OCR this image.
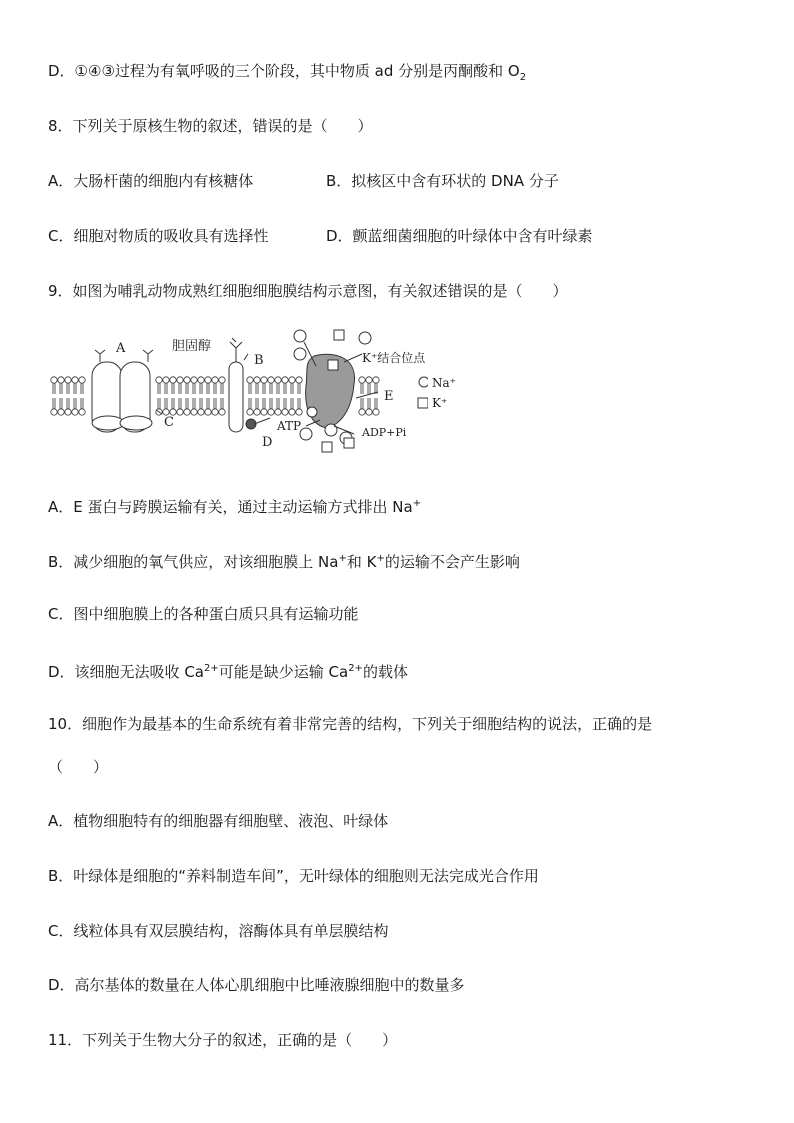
D．①④③过程为有氧呼吸的三个阶段，其中物质 ad 分别是丙酮酸和 $O_2$
8．下列关于原核生物的叙述，错误的是（　　）
A．大肠杆菌的细胞内有核糖体	B．拟核区中含有环状的 DNA 分子
C．细胞对物质的吸收具有选择性	D．颤蓝细菌细胞的叶绿体中含有叶绿素
9．如图为哺乳动物成熟红细胞细胞膜结构示意图，有关叙述错误的是（　　）
A	胆固醇
B
C
D
E
K⁺结合位点
ATP	ADP+Pi
Na⁺
K⁺
A．E 蛋白与跨膜运输有关，通过主动运输方式排出 Na+
B．减少细胞的氧气供应，对该细胞膜上 Na+和 K+的运输不会产生影响
C．图中细胞膜上的各种蛋白质只具有运输功能
D．该细胞无法吸收 $Ca^{2+}$可能是缺少运输 $Ca^{2+}$的载体
10．细胞作为最基本的生命系统有着非常完善的结构，下列关于细胞结构的说法，正确的是
（　　）
A．植物细胞特有的细胞器有细胞壁、液泡、叶绿体
B．叶绿体是细胞的“养料制造车间”，无叶绿体的细胞则无法完成光合作用
C．线粒体具有双层膜结构，溶酶体具有单层膜结构
D．高尔基体的数量在人体心肌细胞中比唾液腺细胞中的数量多
11．下列关于生物大分子的叙述，正确的是（　　）
